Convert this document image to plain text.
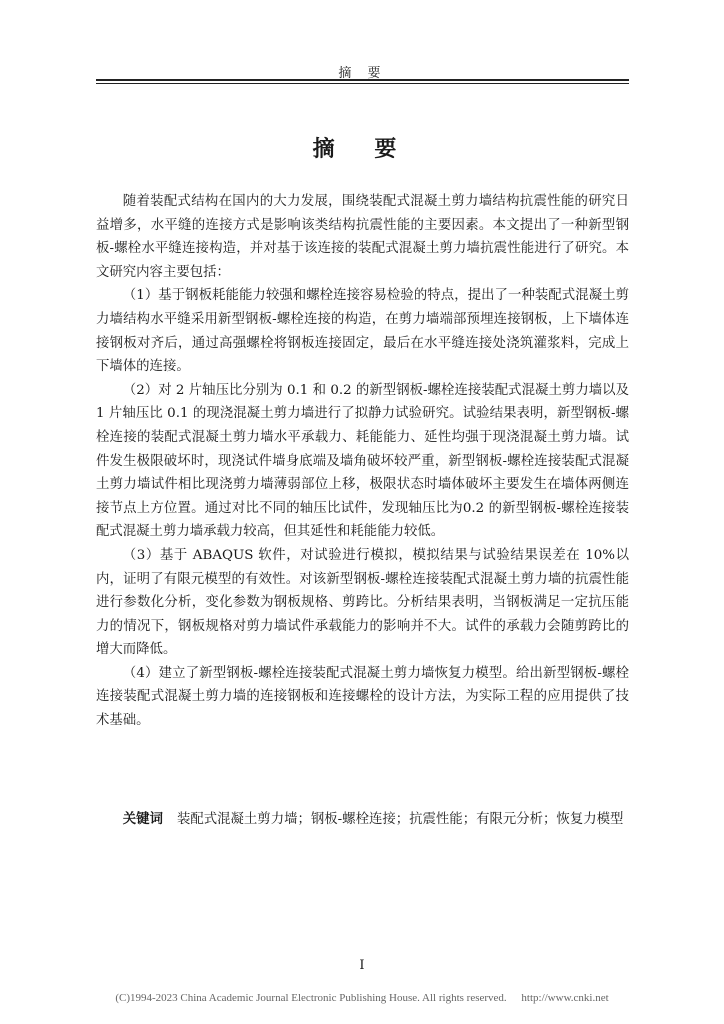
摘 要
摘 要

随着装配式结构在国内的大力发展，围绕装配式混凝土剪力墙结构抗震性能的研究日益增多，水平缝的连接方式是影响该类结构抗震性能的主要因素。本文提出了一种新型钢板-螺栓水平缝连接构造，并对基于该连接的装配式混凝土剪力墙抗震性能进行了研究。本文研究内容主要包括：

（1）基于钢板耗能能力较强和螺栓连接容易检验的特点，提出了一种装配式混凝土剪力墙结构水平缝采用新型钢板-螺栓连接的构造，在剪力墙端部预埋连接钢板，上下墙体连接钢板对齐后，通过高强螺栓将钢板连接固定，最后在水平缝连接处浇筑灌浆料，完成上下墙体的连接。

（2）对 2 片轴压比分别为 0.1 和 0.2 的新型钢板-螺栓连接装配式混凝土剪力墙以及 1 片轴压比 0.1 的现浇混凝土剪力墙进行了拟静力试验研究。试验结果表明，新型钢板-螺栓连接的装配式混凝土剪力墙水平承载力、耗能能力、延性均强于现浇混凝土剪力墙。试件发生极限破坏时，现浇试件墙身底端及墙角破坏较严重，新型钢板-螺栓连接装配式混凝土剪力墙试件相比现浇剪力墙薄弱部位上移，极限状态时墙体破坏主要发生在墙体两侧连接节点上方位置。通过对比不同的轴压比试件，发现轴压比为0.2 的新型钢板-螺栓连接装配式混凝土剪力墙承载力较高，但其延性和耗能能力较低。

（3）基于 ABAQUS 软件，对试验进行模拟，模拟结果与试验结果误差在 10%以内，证明了有限元模型的有效性。对该新型钢板-螺栓连接装配式混凝土剪力墙的抗震性能进行参数化分析，变化参数为钢板规格、剪跨比。分析结果表明，当钢板满足一定抗压能力的情况下，钢板规格对剪力墙试件承载能力的影响并不大。试件的承载力会随剪跨比的增大而降低。

（4）建立了新型钢板-螺栓连接装配式混凝土剪力墙恢复力模型。给出新型钢板-螺栓连接装配式混凝土剪力墙的连接钢板和连接螺栓的设计方法，为实际工程的应用提供了技术基础。

关键词 装配式混凝土剪力墙；钢板-螺栓连接；抗震性能；有限元分析；恢复力模型
I
(C)1994-2023 China Academic Journal Electronic Publishing House. All rights reserved. http://www.cnki.net
